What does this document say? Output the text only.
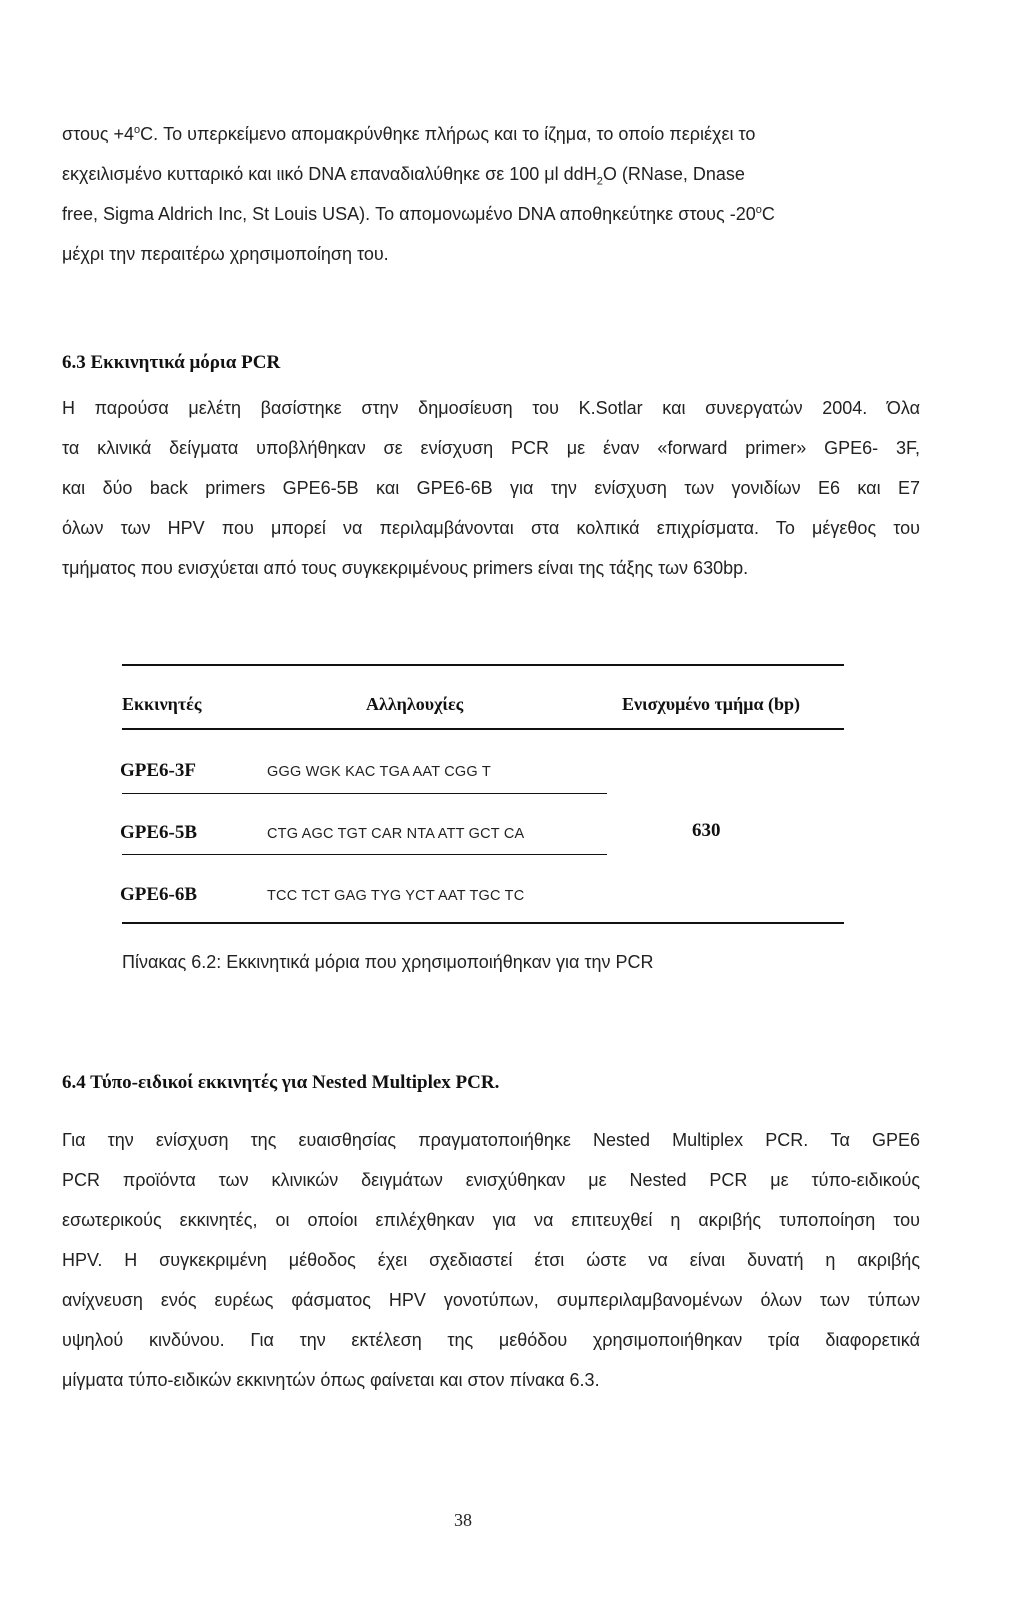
$\sigma\tau o\upsilon\varsigma +4^oC$. Το υπερκείμενο απομακρύνθηκε πλήρως και το ίζημα, το οποίο περιέχει το
εκχειλισμένο κυτταρικό και ιικό DNA επαναδιαλύθηκε σε 100 μl ddH$_2$O (RNase, Dnase
free, Sigma Aldrich Inc, St Louis USA). Το απομονωμένο DNA αποθηκεύτηκε στους $-20^oC$
μέχρι την περαιτέρω χρησιμοποίηση του.
6.3 Εκκινητικά μόρια PCR
Η παρούσα μελέτη βασίστηκε στην δημοσίευση του K.Sotlar και συνεργατών 2004. Όλα
τα κλινικά δείγματα υποβλήθηκαν σε ενίσχυση PCR με έναν «forward primer» GPE6- 3F,
και δύο back primers GPE6-5B και GPE6-6B για την ενίσχυση των γονιδίων E6 και E7
όλων των HPV που μπορεί να περιλαμβάνονται στα κολπικά επιχρίσματα. Το μέγεθος του
τμήματος που ενισχύεται από τους συγκεκριμένους primers είναι της τάξης των 630bp.
Εκκινητές	Αλληλουχίες	Ενισχυμένο τμήμα (bp)
GPE6-3F	GGG WGK KAC TGA AAT CGG T
GPE6-5B	CTG AGC TGT CAR NTA ATT GCT CA	630
GPE6-6B	TCC TCT GAG TYG YCT AAT TGC TC
Πίνακας 6.2: Εκκινητικά μόρια που χρησιμοποιήθηκαν για την PCR
6.4 Τύπο-ειδικοί εκκινητές για Nested Multiplex PCR.
Για την ενίσχυση της ευαισθησίας πραγματοποιήθηκε Nested Multiplex PCR. Τα GPE6
PCR προϊόντα των κλινικών δειγμάτων ενισχύθηκαν με Nested PCR με τύπο-ειδικούς
εσωτερικούς εκκινητές, οι οποίοι επιλέχθηκαν για να επιτευχθεί η ακριβής τυποποίηση του
HPV. Η συγκεκριμένη μέθοδος έχει σχεδιαστεί έτσι ώστε να είναι δυνατή η ακριβής
ανίχνευση ενός ευρέως φάσματος HPV γονοτύπων, συμπεριλαμβανομένων όλων των τύπων
υψηλού κινδύνου. Για την εκτέλεση της μεθόδου χρησιμοποιήθηκαν τρία διαφορετικά
μίγματα τύπο-ειδικών εκκινητών όπως φαίνεται και στον πίνακα 6.3.
38
